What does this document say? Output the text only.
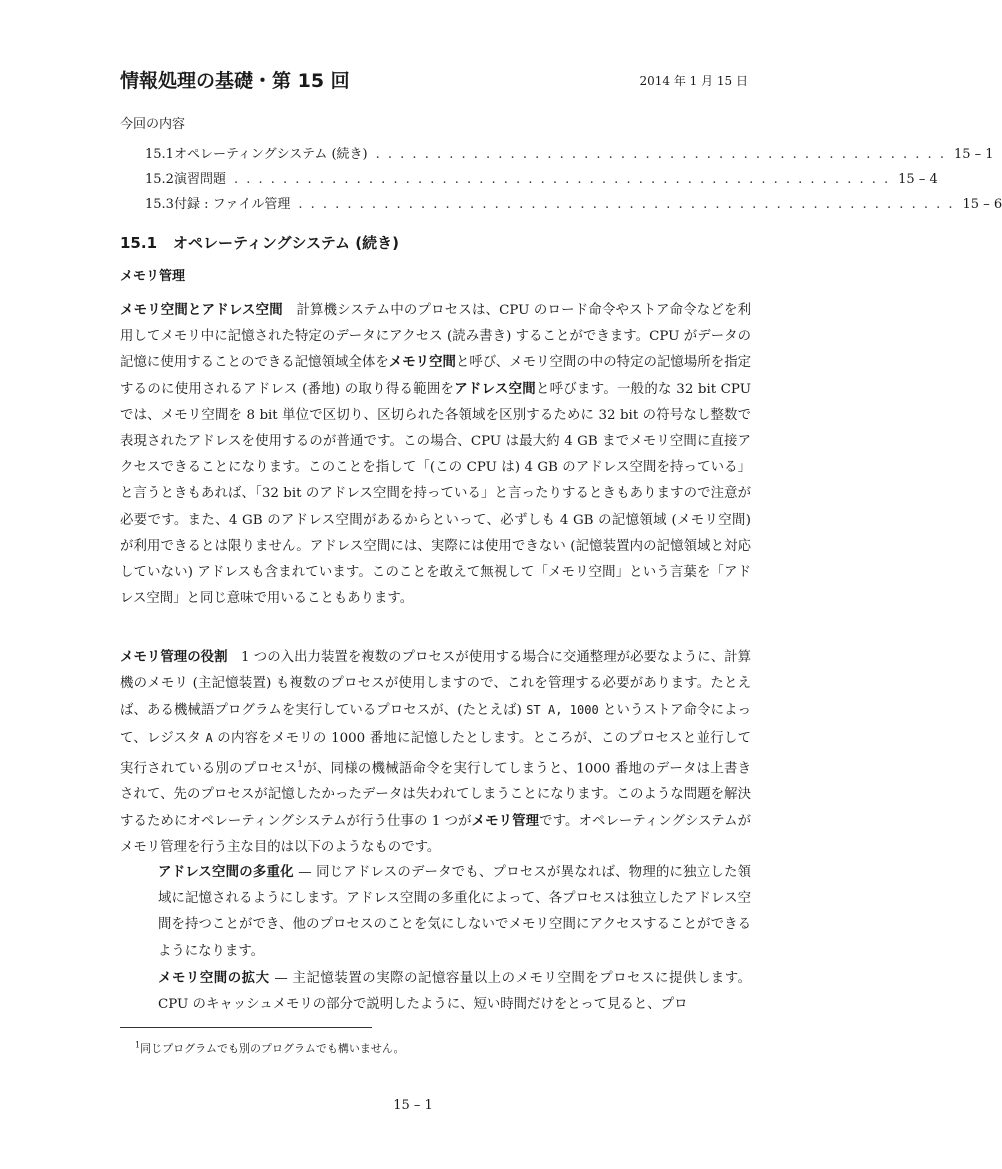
情報処理の基礎・第 15 回	2014 年 1 月 15 日
今回の内容
15.1 オペレーティングシステム (続き) . . . . . . . . . . . . . . . . . . . . . . . . . . . . . . . . . . . . . . . . . . . . . . . 15 – 1
15.2 演習問題 . . . . . . . . . . . . . . . . . . . . . . . . . . . . . . . . . . . . . . . . . . . . . . . . . . . . . . 15 – 4
15.3 付録 : ファイル管理 . . . . . . . . . . . . . . . . . . . . . . . . . . . . . . . . . . . . . . . . . . . . . . . . . . . . . . 15 – 6
15.1 オペレーティングシステム (続き)
メモリ管理
メモリ空間とアドレス空間　計算機システム中のプロセスは、CPU のロード命令やストア命令などを利用してメモリ中に記憶された特定のデータにアクセス (読み書き) することができます。CPU がデータの記憶に使用することのできる記憶領域全体をメモリ空間と呼び、メモリ空間の中の特定の記憶場所を指定するのに使用されるアドレス (番地) の取り得る範囲をアドレス空間と呼びます。一般的な 32 bit CPU では、メモリ空間を 8 bit 単位で区切り、区切られた各領域を区別するために 32 bit の符号なし整数で表現されたアドレスを使用するのが普通です。この場合、CPU は最大約 4 GB までメモリ空間に直接アクセスできることになります。このことを指して「(この CPU は) 4 GB のアドレス空間を持っている」と言うときもあれば、「32 bit のアドレス空間を持っている」と言ったりするときもありますので注意が必要です。また、4 GB のアドレス空間があるからといって、必ずしも 4 GB の記憶領域 (メモリ空間) が利用できるとは限りません。アドレス空間には、実際には使用できない (記憶装置内の記憶領域と対応していない) アドレスも含まれています。このことを敢えて無視して「メモリ空間」という言葉を「アドレス空間」と同じ意味で用いることもあります。
メモリ管理の役割　1 つの入出力装置を複数のプロセスが使用する場合に交通整理が必要なように、計算機のメモリ (主記憶装置) も複数のプロセスが使用しますので、これを管理する必要があります。たとえば、ある機械語プログラムを実行しているプロセスが、(たとえば) ST A, 1000 というストア命令によって、レジスタ A の内容をメモリの 1000 番地に記憶したとします。ところが、このプロセスと並行して実行されている別のプロセス$^1$が、同様の機械語命令を実行してしまうと、1000 番地のデータは上書きされて、先のプロセスが記憶したかったデータは失われてしまうことになります。このような問題を解決するためにオペレーティングシステムが行う仕事の 1 つがメモリ管理です。オペレーティングシステムがメモリ管理を行う主な目的は以下のようなものです。
アドレス空間の多重化 — 同じアドレスのデータでも、プロセスが異なれば、物理的に独立した領域に記憶されるようにします。アドレス空間の多重化によって、各プロセスは独立したアドレス空間を持つことができ、他のプロセスのことを気にしないでメモリ空間にアクセスすることができるようになります。
メモリ空間の拡大 — 主記憶装置の実際の記憶容量以上のメモリ空間をプロセスに提供します。CPU のキャッシュメモリの部分で説明したように、短い時間だけをとって見ると、プロ
$^1$同じプログラムでも別のプログラムでも構いません。
15 – 1
